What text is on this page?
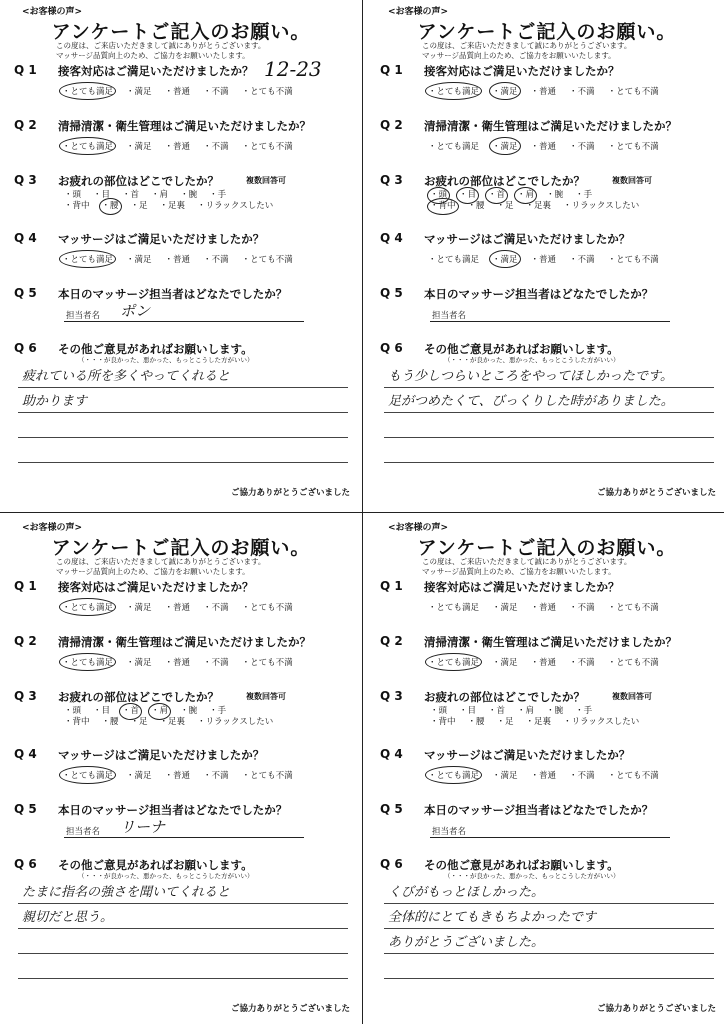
<お客様の声>
アンケートご記入のお願い。
この度は、ご来店いただきまして誠にありがとうございます。
マッサージ品質向上のため、ご協力をお願いいたします。
Q 1 接客対応はご満足いただけましたか？
・とても満足 ・満足 ・普通 ・不満 ・とても不満
12-23
Q 2 清掃清潔・衛生管理はご満足いただけましたか？
・とても満足 ・満足 ・普通 ・不満 ・とても不満
Q 3 お疲れの部位はどこでしたか？	複数回答可
・頭 ・目 ・首 ・肩 ・腕 ・手
・背中 ・腰 ・足 ・足裏 ・リラックスしたい
Q 4 マッサージはご満足いただけましたか？
・とても満足 ・満足 ・普通 ・不満 ・とても不満
Q 5 本日のマッサージ担当者はどなたでしたか？
担当者名 ポン
Q 6 その他ご意見があればお願いします。
（・・・が良かった、悪かった、もっとこうした方がいい）
疲れている所を多くやってくれると
助かります
ご協力ありがとうございました
<お客様の声>
アンケートご記入のお願い。
この度は、ご来店いただきまして誠にありがとうございます。
マッサージ品質向上のため、ご協力をお願いいたします。
Q 1 接客対応はご満足いただけましたか？
・とても満足 ・満足 ・普通 ・不満 ・とても不満
Q 2 清掃清潔・衛生管理はご満足いただけましたか？
・とても満足 ・満足 ・普通 ・不満 ・とても不満
Q 3 お疲れの部位はどこでしたか？	複数回答可
・頭 ・目 ・首 ・肩 ・腕 ・手
・背中 ・腰 ・足 ・足裏 ・リラックスしたい
Q 4 マッサージはご満足いただけましたか？
・とても満足 ・満足 ・普通 ・不満 ・とても不満
Q 5 本日のマッサージ担当者はどなたでしたか？
担当者名
Q 6 その他ご意見があればお願いします。
（・・・が良かった、悪かった、もっとこうした方がいい）
もう少しつらいところをやってほしかったです。
足がつめたくて、びっくりした時がありました。
ご協力ありがとうございました
<お客様の声>
アンケートご記入のお願い。
この度は、ご来店いただきまして誠にありがとうございます。
マッサージ品質向上のため、ご協力をお願いいたします。
Q 1 接客対応はご満足いただけましたか？
・とても満足 ・満足 ・普通 ・不満 ・とても不満
Q 2 清掃清潔・衛生管理はご満足いただけましたか？
・とても満足 ・満足 ・普通 ・不満 ・とても不満
Q 3 お疲れの部位はどこでしたか？	複数回答可
・頭 ・目 ・首 ・肩 ・腕 ・手
・背中 ・腰 ・足 ・足裏 ・リラックスしたい
Q 4 マッサージはご満足いただけましたか？
・とても満足 ・満足 ・普通 ・不満 ・とても不満
Q 5 本日のマッサージ担当者はどなたでしたか？
担当者名 リーナ
Q 6 その他ご意見があればお願いします。
（・・・が良かった、悪かった、もっとこうした方がいい）
たまに指名の強さを聞いてくれると
親切だと思う。
ご協力ありがとうございました
<お客様の声>
アンケートご記入のお願い。
この度は、ご来店いただきまして誠にありがとうございます。
マッサージ品質向上のため、ご協力をお願いいたします。
Q 1 接客対応はご満足いただけましたか？
・とても満足 ・満足 ・普通 ・不満 ・とても不満
Q 2 清掃清潔・衛生管理はご満足いただけましたか？
・とても満足 ・満足 ・普通 ・不満 ・とても不満
Q 3 お疲れの部位はどこでしたか？	複数回答可
・頭 ・目 ・首 ・肩 ・腕 ・手
・背中 ・腰 ・足 ・足裏 ・リラックスしたい
Q 4 マッサージはご満足いただけましたか？
・とても満足 ・満足 ・普通 ・不満 ・とても不満
Q 5 本日のマッサージ担当者はどなたでしたか？
担当者名
Q 6 その他ご意見があればお願いします。
（・・・が良かった、悪かった、もっとこうした方がいい）
くびがもっとほしかった。
全体的にとてもきもちよかったです
ありがとうございました。
ご協力ありがとうございました
